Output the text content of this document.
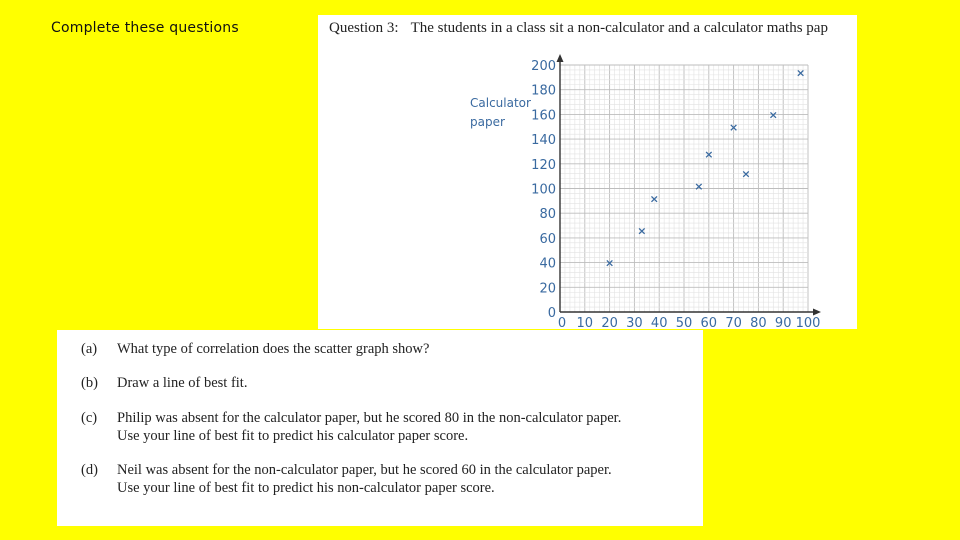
Complete these questions	Question 3: The students in a class sit a non-calculator and a calculator maths pap
Calculator
paper
0
20
40
60
80
100
120
140
160
180
200
0 10 20 30 40 50 60 70 80 90 100
×
×
×
×
×
×
×
×
×
(a) What type of correlation does the scatter graph show?
(b) Draw a line of best fit.
(c) Philip was absent for the calculator paper, but he scored 80 in the non-calculator paper.
Use your line of best fit to predict his calculator paper score.
(d) Neil was absent for the non-calculator paper, but he scored 60 in the calculator paper.
Use your line of best fit to predict his non-calculator paper score.
